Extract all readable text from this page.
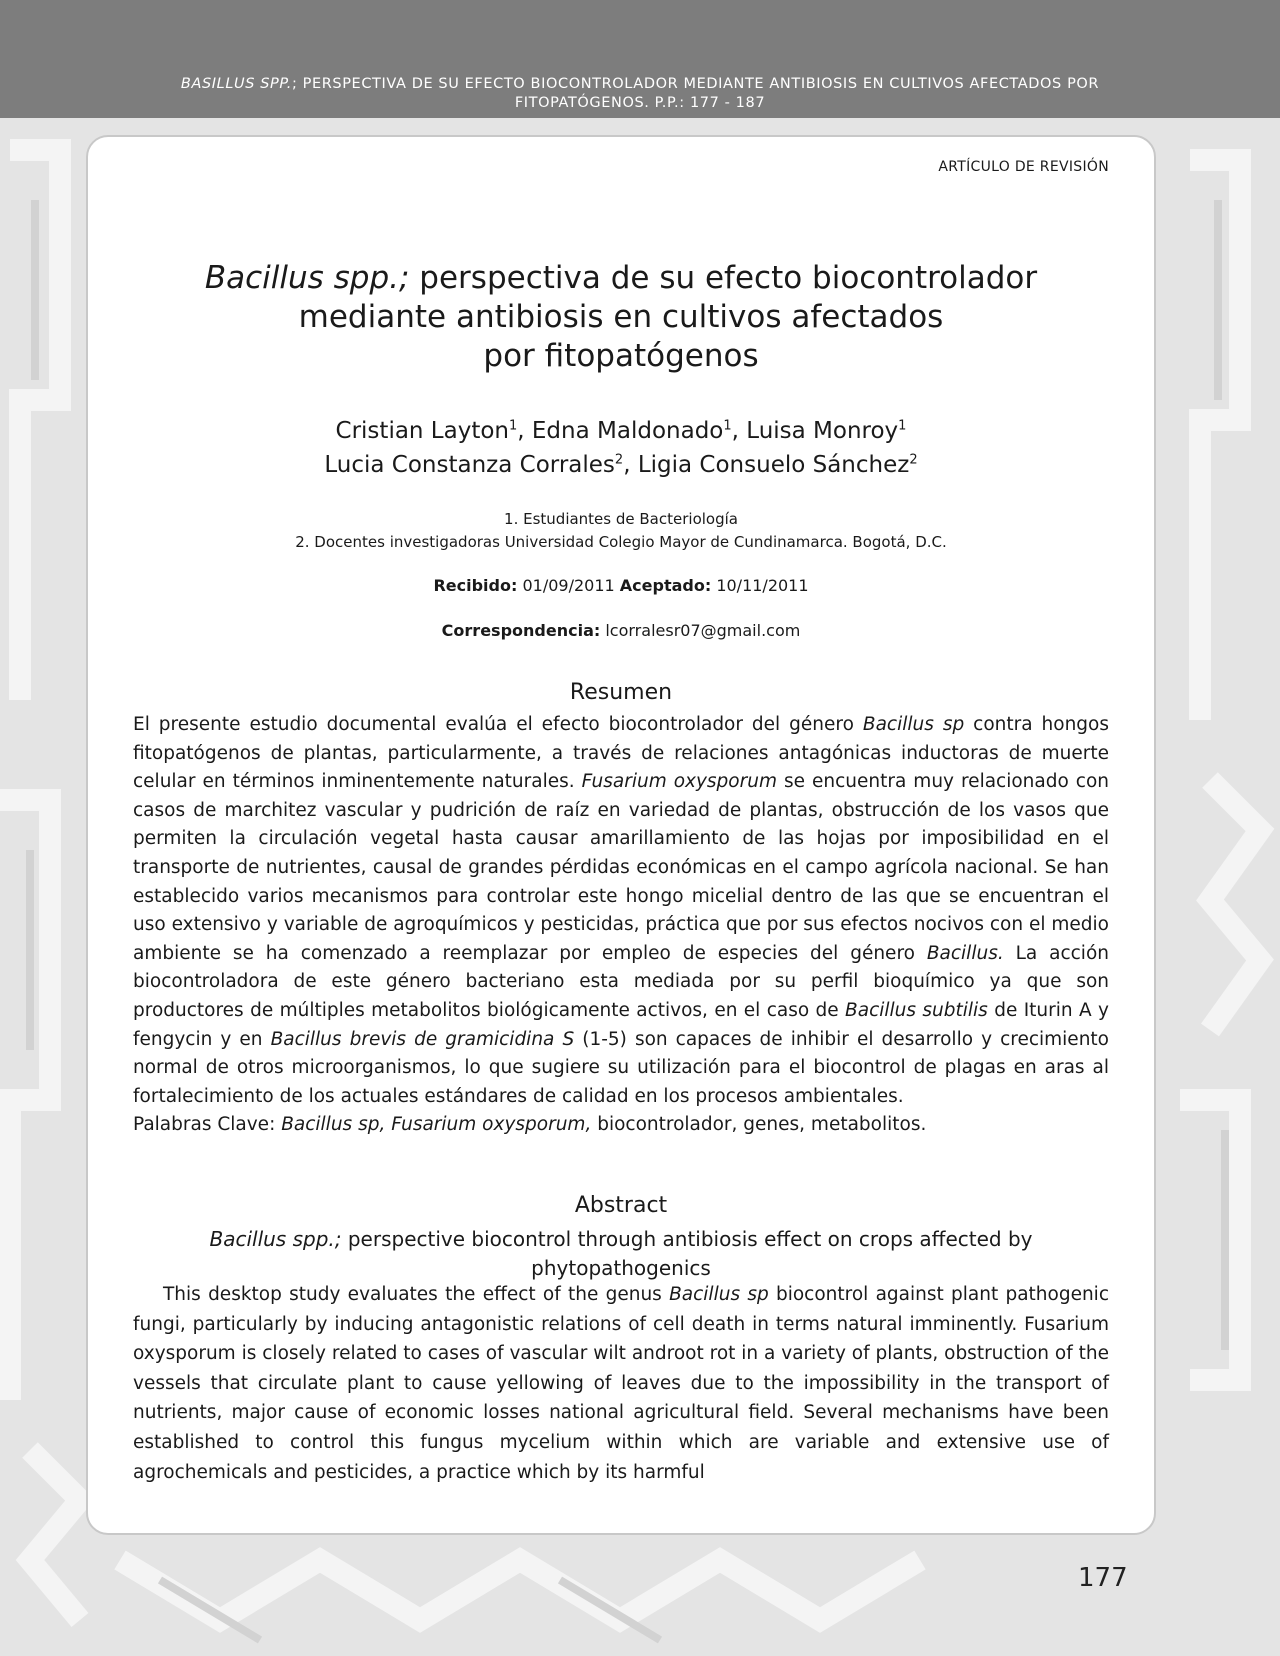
BASILLUS SPP.; PERSPECTIVA DE SU EFECTO BIOCONTROLADOR MEDIANTE ANTIBIOSIS EN CULTIVOS AFECTADOS POR
FITOPATÓGENOS. P.P.: 177 - 187
ARTÍCULO DE REVISIÓN
Bacillus spp.; perspectiva de su efecto biocontrolador
mediante antibiosis en cultivos afectados
por fitopatógenos
Cristian Layton$^1$, Edna Maldonado$^1$, Luisa Monroy$^1$
Lucia Constanza Corrales$^2$, Ligia Consuelo Sánchez$^2$
1. Estudiantes de Bacteriología
2. Docentes investigadoras Universidad Colegio Mayor de Cundinamarca. Bogotá, D.C.
Recibido: 01/09/2011 Aceptado: 10/11/2011
Correspondencia: lcorralesr07@gmail.com
Resumen

El presente estudio documental evalúa el efecto biocontrolador del género Bacillus sp contra hongos fitopatógenos de plantas, particularmente, a través de relaciones antagónicas inductoras de muerte celular en términos inminentemente naturales. Fusarium oxysporum se encuentra muy relacionado con casos de marchitez vascular y pudrición de raíz en variedad de plantas, obstrucción de los vasos que permiten la circulación vegetal hasta causar amarillamiento de las hojas por imposibilidad en el transporte de nutrientes, causal de grandes pérdidas económicas en el campo agrícola nacional. Se han establecido varios mecanismos para controlar este hongo micelial dentro de las que se encuentran el uso extensivo y variable de agroquímicos y pesticidas, práctica que por sus efectos nocivos con el medio ambiente se ha comenzado a reemplazar por empleo de especies del género Bacillus. La acción biocontroladora de este género bacteriano esta mediada por su perfil bioquímico ya que son productores de múltiples metabolitos biológicamente activos, en el caso de Bacillus subtilis de Iturin A y fengycin y en Bacillus brevis de gramicidina S (1-5) son capaces de inhibir el desarrollo y crecimiento normal de otros microorganismos, lo que sugiere su utilización para el biocontrol de plagas en aras al fortalecimiento de los actuales estándares de calidad en los procesos ambientales.

Palabras Clave: Bacillus sp, Fusarium oxysporum, biocontrolador, genes, metabolitos.

Abstract
Bacillus spp.; perspective biocontrol through antibiosis effect on crops affected by
phytopathogenics

This desktop study evaluates the effect of the genus Bacillus sp biocontrol against plant pathogenic fungi, particularly by inducing antagonistic relations of cell death in terms natural imminently. Fusarium oxysporum is closely related to cases of vascular wilt androot rot in a variety of plants, obstruction of the vessels that circulate plant to cause yellowing of leaves due to the impossibility in the transport of nutrients, major cause of economic losses national agricultural field. Several mechanisms have been established to control this fungus mycelium within which are variable and extensive use of agrochemicals and pesticides, a practice which by its harmful

177
